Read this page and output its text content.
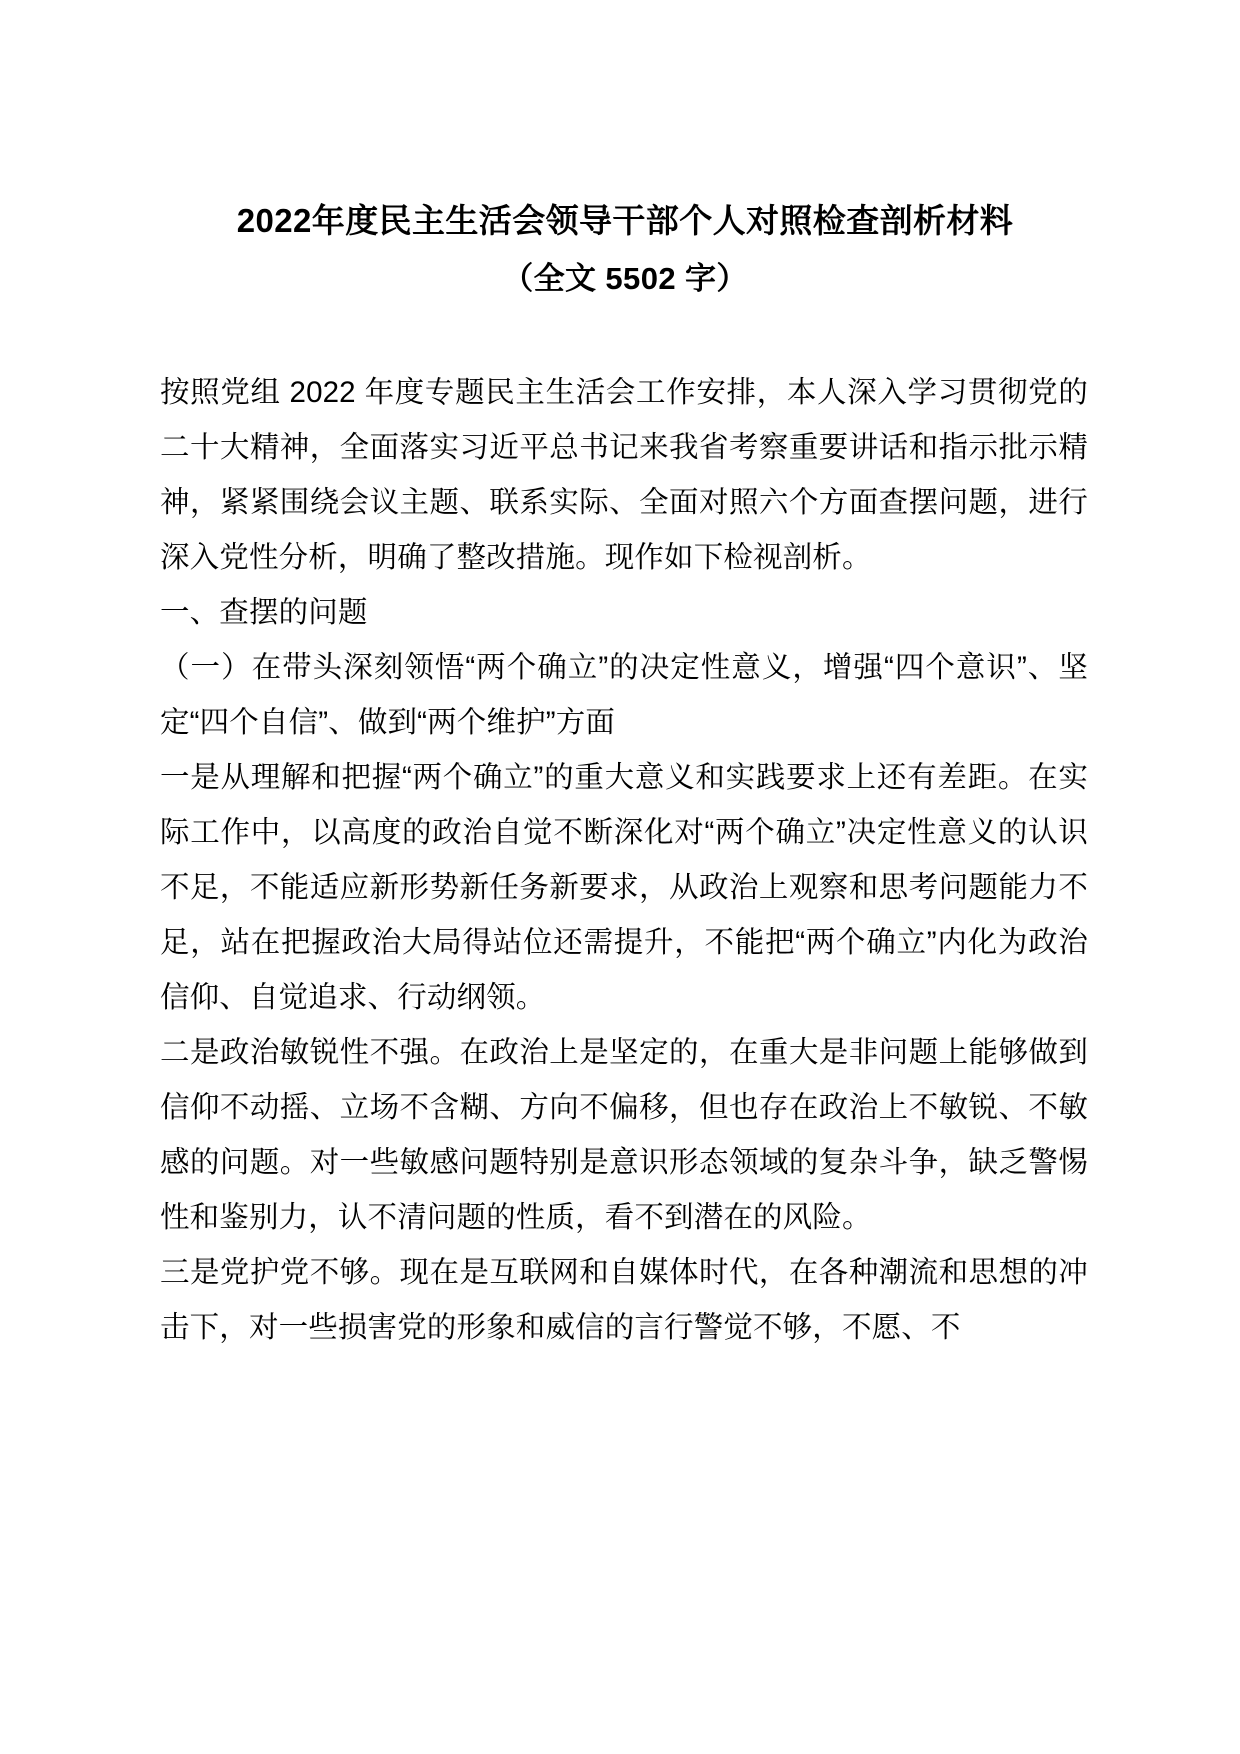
2022年度民主生活会领导干部个人对照检查剖析材料
（全文 5502 字）

按照党组 2022 年度专题民主生活会工作安排，本人深入学习贯彻党的二十大精神，全面落实习近平总书记来我省考察重要讲话和指示批示精神，紧紧围绕会议主题、联系实际、全面对照六个方面查摆问题，进行深入党性分析，明确了整改措施。现作如下检视剖析。

一、查摆的问题

（一）在带头深刻领悟“两个确立”的决定性意义，增强“四个意识”、坚定“四个自信”、做到“两个维护”方面

一是从理解和把握“两个确立”的重大意义和实践要求上还有差距。在实际工作中，以高度的政治自觉不断深化对“两个确立”决定性意义的认识不足，不能适应新形势新任务新要求，从政治上观察和思考问题能力不足，站在把握政治大局得站位还需提升，不能把“两个确立”内化为政治信仰、自觉追求、行动纲领。

二是政治敏锐性不强。在政治上是坚定的，在重大是非问题上能够做到信仰不动摇、立场不含糊、方向不偏移，但也存在政治上不敏锐、不敏感的问题。对一些敏感问题特别是意识形态领域的复杂斗争，缺乏警惕性和鉴别力，认不清问题的性质，看不到潜在的风险。

三是党护党不够。现在是互联网和自媒体时代，在各种潮流和思想的冲击下，对一些损害党的形象和威信的言行警觉不够，不愿、不
